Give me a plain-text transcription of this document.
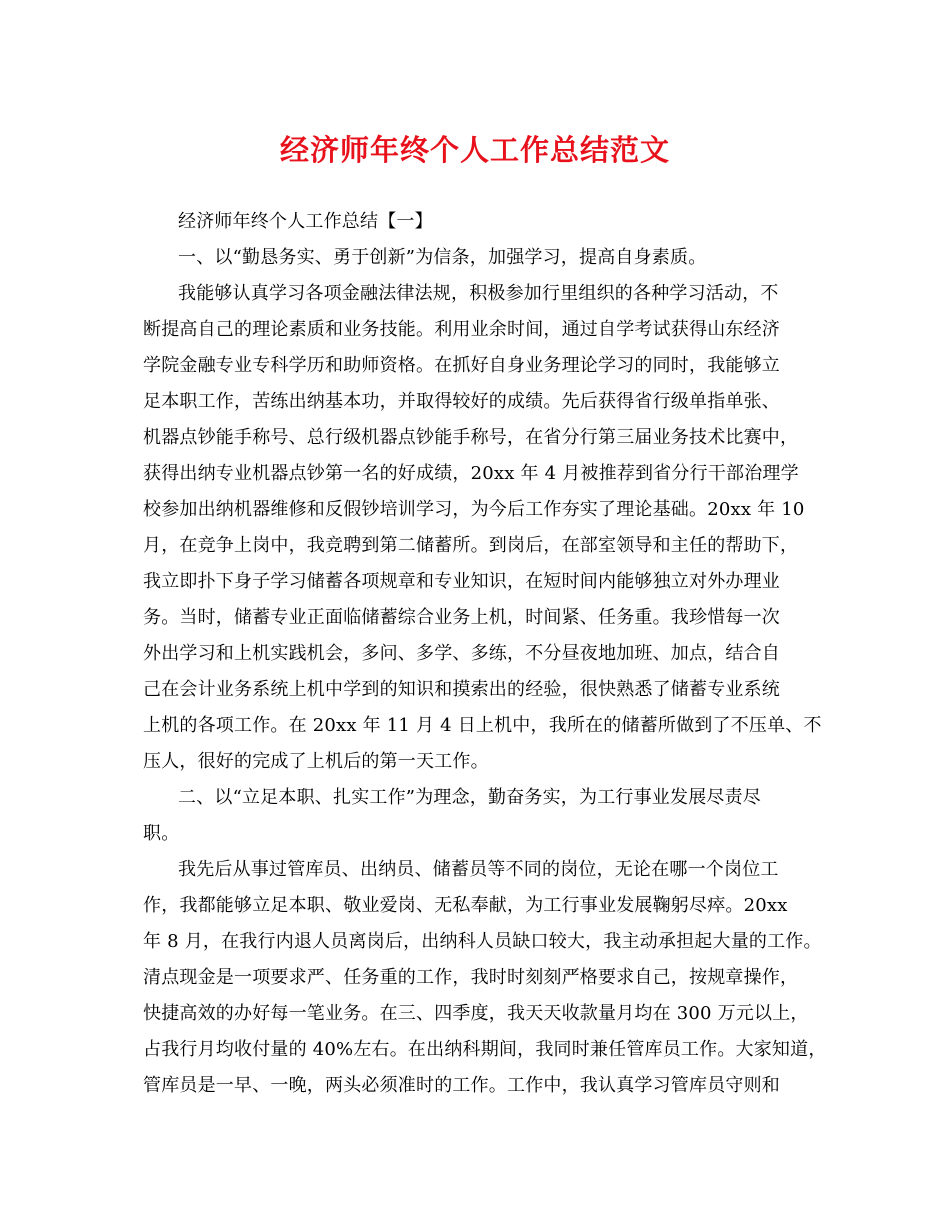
经济师年终个人工作总结范文
经济师年终个人工作总结【一】
一、以“勤恳务实、勇于创新”为信条，加强学习，提高自身素质。
我能够认真学习各项金融法律法规，积极参加行里组织的各种学习活动，不
断提高自己的理论素质和业务技能。利用业余时间，通过自学考试获得山东经济
学院金融专业专科学历和助师资格。在抓好自身业务理论学习的同时，我能够立
足本职工作，苦练出纳基本功，并取得较好的成绩。先后获得省行级单指单张、
机器点钞能手称号、总行级机器点钞能手称号，在省分行第三届业务技术比赛中，
获得出纳专业机器点钞第一名的好成绩，20xx 年 4 月被推荐到省分行干部治理学
校参加出纳机器维修和反假钞培训学习，为今后工作夯实了理论基础。20xx 年 10
月，在竞争上岗中，我竞聘到第二储蓄所。到岗后，在部室领导和主任的帮助下，
我立即扑下身子学习储蓄各项规章和专业知识，在短时间内能够独立对外办理业
务。当时，储蓄专业正面临储蓄综合业务上机，时间紧、任务重。我珍惜每一次
外出学习和上机实践机会，多问、多学、多练，不分昼夜地加班、加点，结合自
己在会计业务系统上机中学到的知识和摸索出的经验，很快熟悉了储蓄专业系统
上机的各项工作。在 20xx 年 11 月 4 日上机中，我所在的储蓄所做到了不压单、不
压人，很好的完成了上机后的第一天工作。
二、以“立足本职、扎实工作”为理念，勤奋务实，为工行事业发展尽责尽
职。
我先后从事过管库员、出纳员、储蓄员等不同的岗位，无论在哪一个岗位工
作，我都能够立足本职、敬业爱岗、无私奉献，为工行事业发展鞠躬尽瘁。20xx
年 8 月，在我行内退人员离岗后，出纳科人员缺口较大，我主动承担起大量的工作。
清点现金是一项要求严、任务重的工作，我时时刻刻严格要求自己，按规章操作，
快捷高效的办好每一笔业务。在三、四季度，我天天收款量月均在 300 万元以上，
占我行月均收付量的 40%左右。在出纳科期间，我同时兼任管库员工作。大家知道，
管库员是一早、一晚，两头必须准时的工作。工作中，我认真学习管库员守则和
